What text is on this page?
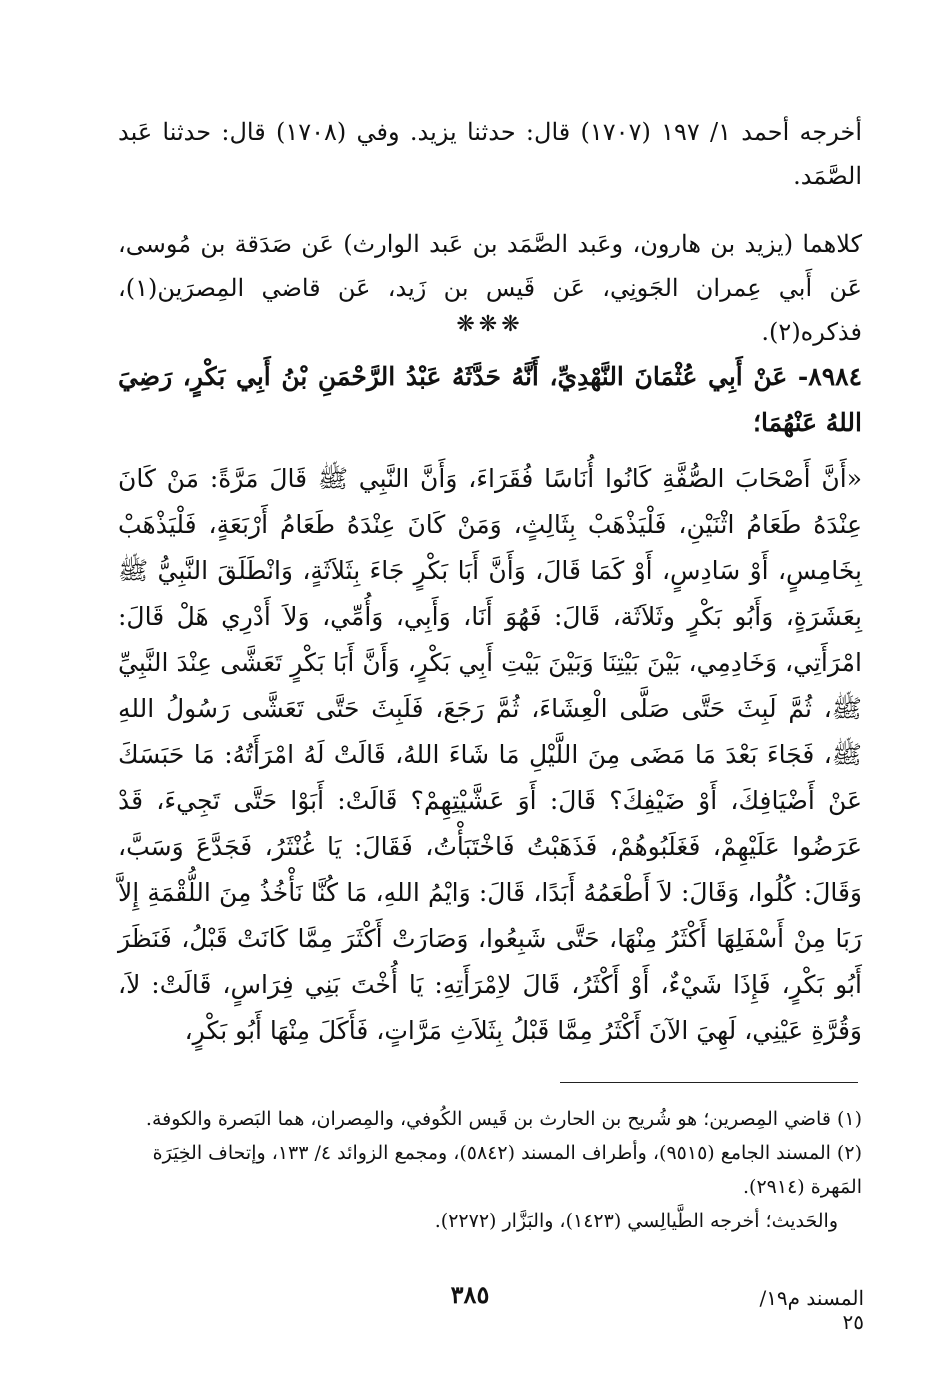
أخرجه أحمد ١/ ١٩٧ (١٧٠٧) قال: حدثنا يزيد. وفي (١٧٠٨) قال: حدثنا عَبد الصَّمَد.

كلاهما (يزيد بن هارون، وعَبد الصَّمَد بن عَبد الوارث) عَن صَدَقة بن مُوسى، عَن أَبي عِمران الجَونِي، عَن قَيس بن زَيد، عَن قاضي المِصرَين(١)، فذكره(٢).

❋❋❋

٨٩٨٤- عَنْ أَبِي عُثْمَانَ النَّهْدِيِّ، أَنَّهُ حَدَّثَهُ عَبْدُ الرَّحْمَنِ بْنُ أَبِي بَكْرٍ، رَضِيَ اللهُ عَنْهُمَا؛

«أَنَّ أَصْحَابَ الصُّفَّةِ كَانُوا أُنَاسًا فُقَرَاءَ، وَأَنَّ النَّبِي ﷺ قَالَ مَرَّةً: مَنْ كَانَ عِنْدَهُ طَعَامُ اثْنَيْنِ، فَلْيَذْهَبْ بِثَالِثٍ، وَمَنْ كَانَ عِنْدَهُ طَعَامُ أَرْبَعَةٍ، فَلْيَذْهَبْ بِخَامِسٍ، أَوْ سَادِسٍ، أَوْ كَمَا قَالَ، وَأَنَّ أَبَا بَكْرٍ جَاءَ بِثَلاَثَةٍ، وَانْطَلَقَ النَّبِيُّ ﷺ بِعَشَرَةٍ، وَأَبُو بَكْرٍ وثَلاَثَة، قَالَ: فَهُوَ أَنَا، وَأَبِي، وَأُمِّي، وَلاَ أَدْرِي هَلْ قَالَ: امْرَأَتِي، وَخَادِمِي، بَيْنَ بَيْتِنَا وَبَيْنَ بَيْتِ أَبِي بَكْرٍ، وَأَنَّ أَبَا بَكْرٍ تَعَشَّى عِنْدَ النَّبِيِّ ﷺ، ثُمَّ لَبِثَ حَتَّى صَلَّى الْعِشَاءَ، ثُمَّ رَجَعَ، فَلَبِثَ حَتَّى تَعَشَّى رَسُولُ اللهِ ﷺ، فَجَاءَ بَعْدَ مَا مَضَى مِنَ اللَّيْلِ مَا شَاءَ اللهُ، قَالَتْ لَهُ امْرَأَتُهُ: مَا حَبَسَكَ عَنْ أَضْيَافِكَ، أَوْ ضَيْفِكَ؟ قَالَ: أَوَ عَشَّيْتِهِمْ؟ قَالَتْ: أَبَوْا حَتَّى تَجِيءَ، قَدْ عَرَضُوا عَلَيْهِمْ، فَغَلَبُوهُمْ، فَذَهَبْتُ فَاخْتَبَأْتُ، فَقَالَ: يَا غُنْثَرُ، فَجَدَّعَ وَسَبَّ، وَقَالَ: كُلُوا، وَقَالَ: لاَ أَطْعَمُهُ أَبَدًا، قَالَ: وَايْمُ اللهِ، مَا كُنَّا نَأْخُذُ مِنَ اللُّقْمَةِ إِلاَّ رَبَا مِنْ أَسْفَلِهَا أَكْثَرُ مِنْهَا، حَتَّى شَبِعُوا، وَصَارَتْ أَكْثَرَ مِمَّا كَانَتْ قَبْلُ، فَنَظَرَ أَبُو بَكْرٍ، فَإِذَا شَيْءٌ، أَوْ أَكْثَرُ، قَالَ لاِمْرَأَتِهِ: يَا أُخْتَ بَنِي فِرَاسٍ، قَالَتْ: لاَ، وَقُرَّةِ عَيْنِي، لَهِيَ الآنَ أَكْثَرُ مِمَّا قَبْلُ بِثَلاَثِ مَرَّاتٍ، فَأَكَلَ مِنْهَا أَبُو بَكْرٍ،

(١) قاضي المِصرين؛ هو شُريح بن الحارث بن قَيس الكُوفي، والمِصران، هما البَصرة والكوفة.

(٢) المسند الجامع (٩٥١٥)، وأطراف المسند (٥٨٤٢)، ومجمع الزوائد ٤/ ١٣٣، وإتحاف الخِيَرَة المَهرة (٢٩١٤).

والحَديث؛ أخرجه الطَّيالِسي (١٤٢٣)، والبَزَّار (٢٢٧٢).

٣٨٥	المسند م١٩/ ٢٥
